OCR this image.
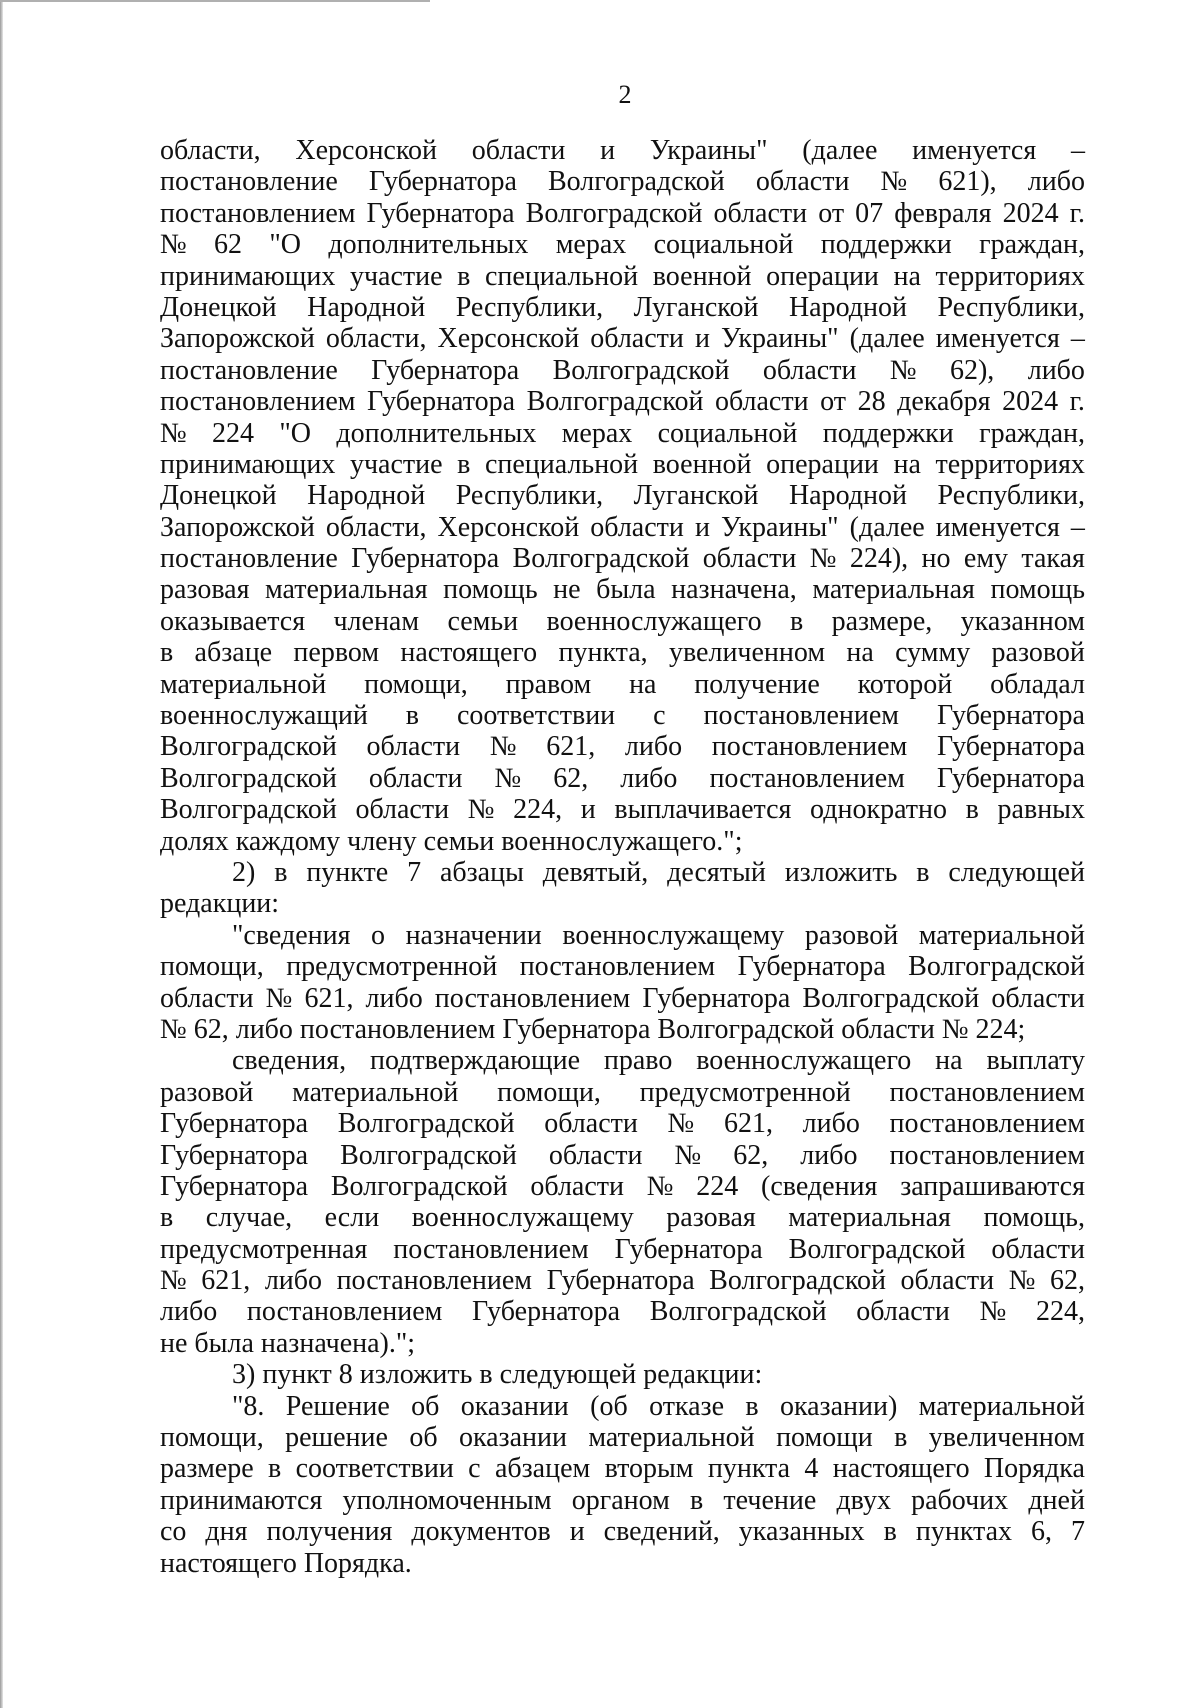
2
области, Херсонской области и Украины" (далее именуется –
постановление Губернатора Волгоградской области № 621), либо
постановлением Губернатора Волгоградской области от 07 февраля 2024 г.
№ 62 "О дополнительных мерах социальной поддержки граждан,
принимающих участие в специальной военной операции на территориях
Донецкой Народной Республики, Луганской Народной Республики,
Запорожской области, Херсонской области и Украины" (далее именуется –
постановление Губернатора Волгоградской области № 62), либо
постановлением Губернатора Волгоградской области от 28 декабря 2024 г.
№ 224 "О дополнительных мерах социальной поддержки граждан,
принимающих участие в специальной военной операции на территориях
Донецкой Народной Республики, Луганской Народной Республики,
Запорожской области, Херсонской области и Украины" (далее именуется –
постановление Губернатора Волгоградской области № 224), но ему такая
разовая материальная помощь не была назначена, материальная помощь
оказывается членам семьи военнослужащего в размере, указанном
в абзаце первом настоящего пункта, увеличенном на сумму разовой
материальной помощи, правом на получение которой обладал
военнослужащий в соответствии с постановлением Губернатора
Волгоградской области № 621, либо постановлением Губернатора
Волгоградской области № 62, либо постановлением Губернатора
Волгоградской области № 224, и выплачивается однократно в равных
долях каждому члену семьи военнослужащего.";
2) в пункте 7 абзацы девятый, десятый изложить в следующей
редакции:
"сведения о назначении военнослужащему разовой материальной
помощи, предусмотренной постановлением Губернатора Волгоградской
области № 621, либо постановлением Губернатора Волгоградской области
№ 62, либо постановлением Губернатора Волгоградской области № 224;
сведения, подтверждающие право военнослужащего на выплату
разовой материальной помощи, предусмотренной постановлением
Губернатора Волгоградской области № 621, либо постановлением
Губернатора Волгоградской области № 62, либо постановлением
Губернатора Волгоградской области № 224 (сведения запрашиваются
в случае, если военнослужащему разовая материальная помощь,
предусмотренная постановлением Губернатора Волгоградской области
№ 621, либо постановлением Губернатора Волгоградской области № 62,
либо постановлением Губернатора Волгоградской области № 224,
не была назначена).";
3) пункт 8 изложить в следующей редакции:
"8. Решение об оказании (об отказе в оказании) материальной
помощи, решение об оказании материальной помощи в увеличенном
размере в соответствии с абзацем вторым пункта 4 настоящего Порядка
принимаются уполномоченным органом в течение двух рабочих дней
со дня получения документов и сведений, указанных в пунктах 6, 7
настоящего Порядка.
